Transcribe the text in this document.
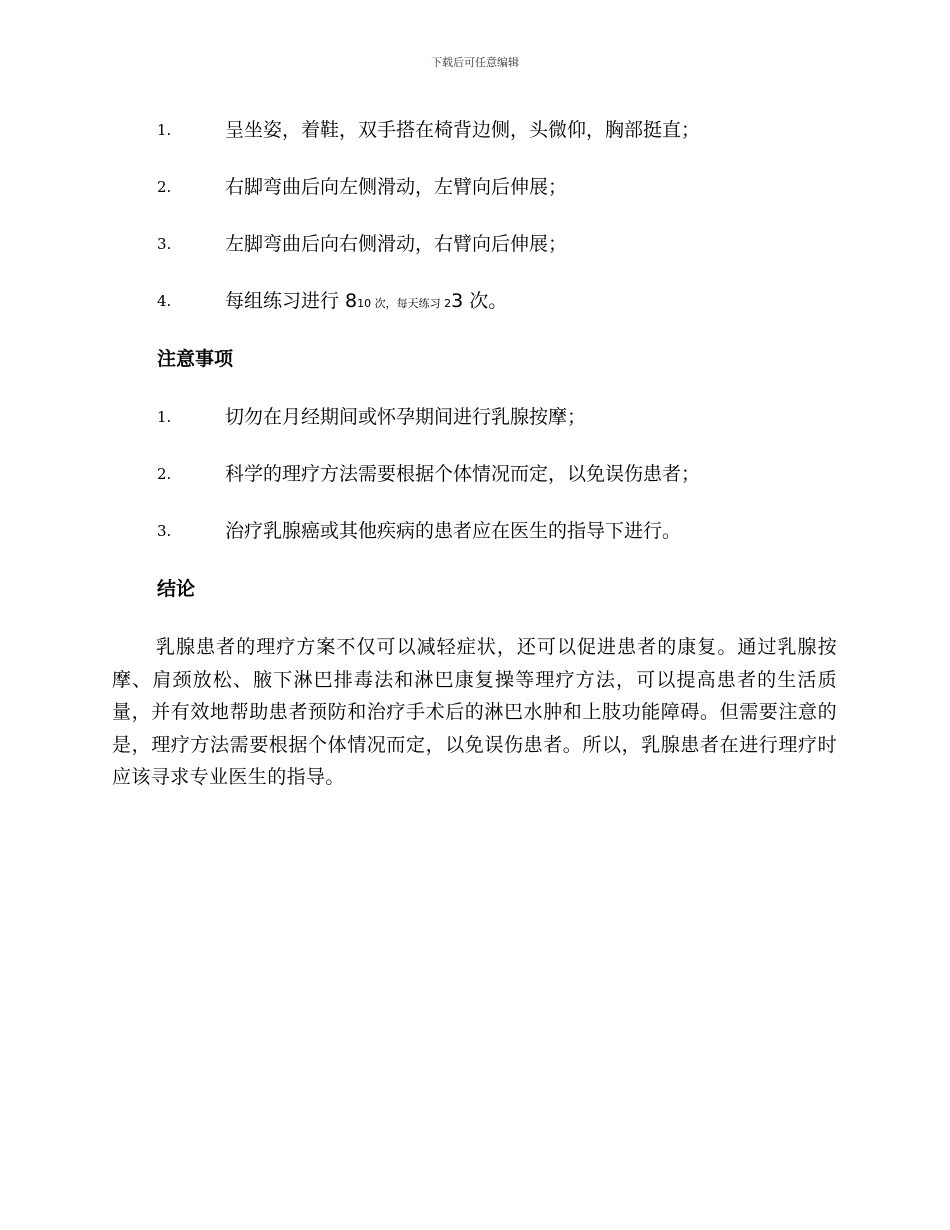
下载后可任意编辑
1.	呈坐姿，着鞋，双手搭在椅背边侧，头微仰，胸部挺直；
2.	右脚弯曲后向左侧滑动，左臂向后伸展；
3.	左脚弯曲后向右侧滑动，右臂向后伸展；
4.	每组练习进行 810 次，每天练习 23 次。
注意事项
1.	切勿在月经期间或怀孕期间进行乳腺按摩；
2.	科学的理疗方法需要根据个体情况而定，以免误伤患者；
3.	治疗乳腺癌或其他疾病的患者应在医生的指导下进行。
结论

乳腺患者的理疗方案不仅可以减轻症状，还可以促进患者的康复。通过乳腺按摩、肩颈放松、腋下淋巴排毒法和淋巴康复操等理疗方法，可以提高患者的生活质量，并有效地帮助患者预防和治疗手术后的淋巴水肿和上肢功能障碍。但需要注意的是，理疗方法需要根据个体情况而定，以免误伤患者。所以，乳腺患者在进行理疗时应该寻求专业医生的指导。
